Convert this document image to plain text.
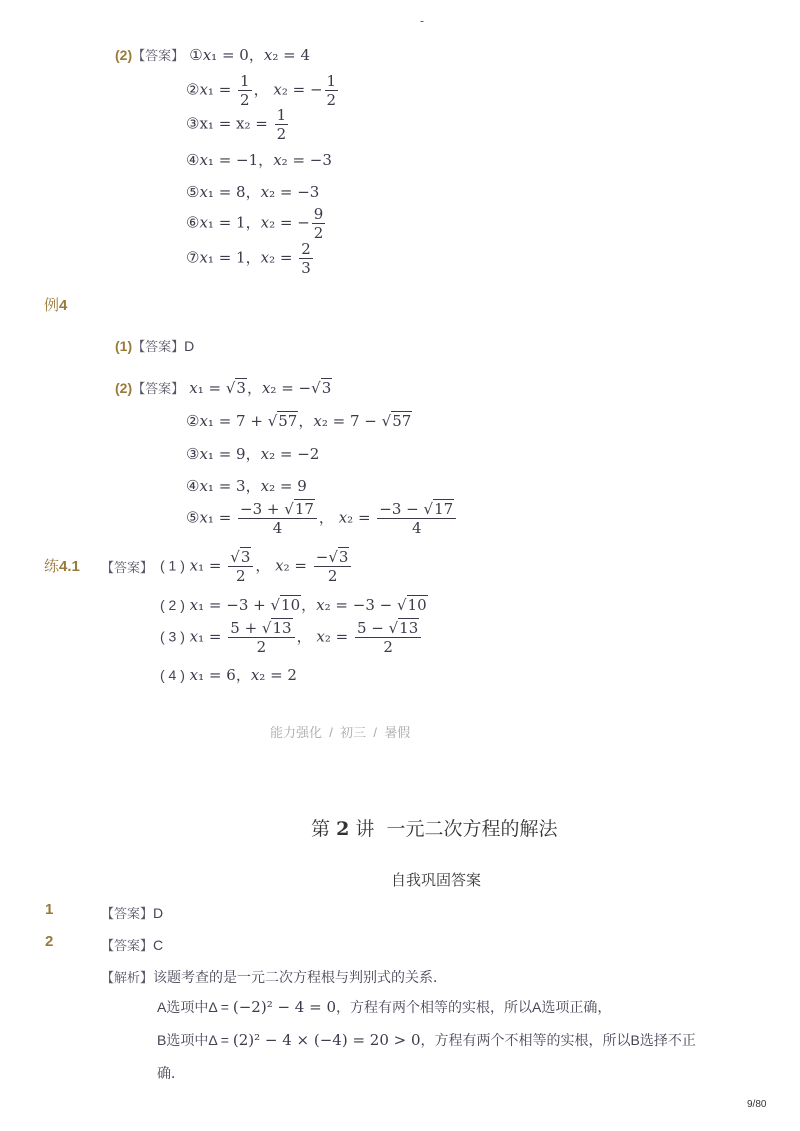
-
(2)【答案】 ①x₁ = 0，x₂ = 4
②x₁ = $\frac{1}{2}$ ， x₂ = − $\frac{1}{2}$
③x₁ = $x_2 = \frac{1}{2}$
④x₁ = −1，x₂ = −3
⑤x₁ = 8，x₂ = −3
⑥x₁ = 1，x₂ = − $\frac{9}{2}$
⑦x₁ = 1，$x_2 = \frac{2}{3}$
例4
(1)【答案】D
(2)【答案】 x₁ = √3，x₂ = −√3
②x₁ = 7 + √57，x₂ = 7 − √57
③x₁ = 9，x₂ = −2
④x₁ = 3，x₂ = 9
⑤x₁ = $\frac{-3 + √17}{4}$ ， $x_2 = \frac{-3 - √17}{4}$
练4.1 【答案】 ( 1 ) $x_1 = \frac{√3}{2}$ ， $x_2 = \frac{-√3}{2}$
( 2 ) x₁ = −3 + √10，x₂ = −3 − √10
( 3 ) $x_1 = \frac{5 + √13}{2}$ ， $x_2 = \frac{5 - √13}{2}$
( 4 ) x₁ = 6，x₂ = 2
能力强化 / 初三 / 暑假
第 2 讲 一元二次方程的解法
自我巩固答案
1	【答案】D
2	【答案】C
【解析】该题考查的是一元二次方程根与判别式的关系．
A选项中Δ = (−2)² − 4 = 0，方程有两个相等的实根，所以A选项正确，
B选项中Δ = (2)² − 4 × (−4) = 20 > 0，方程有两个不相等的实根，所以B选择不正
确．
9/80
